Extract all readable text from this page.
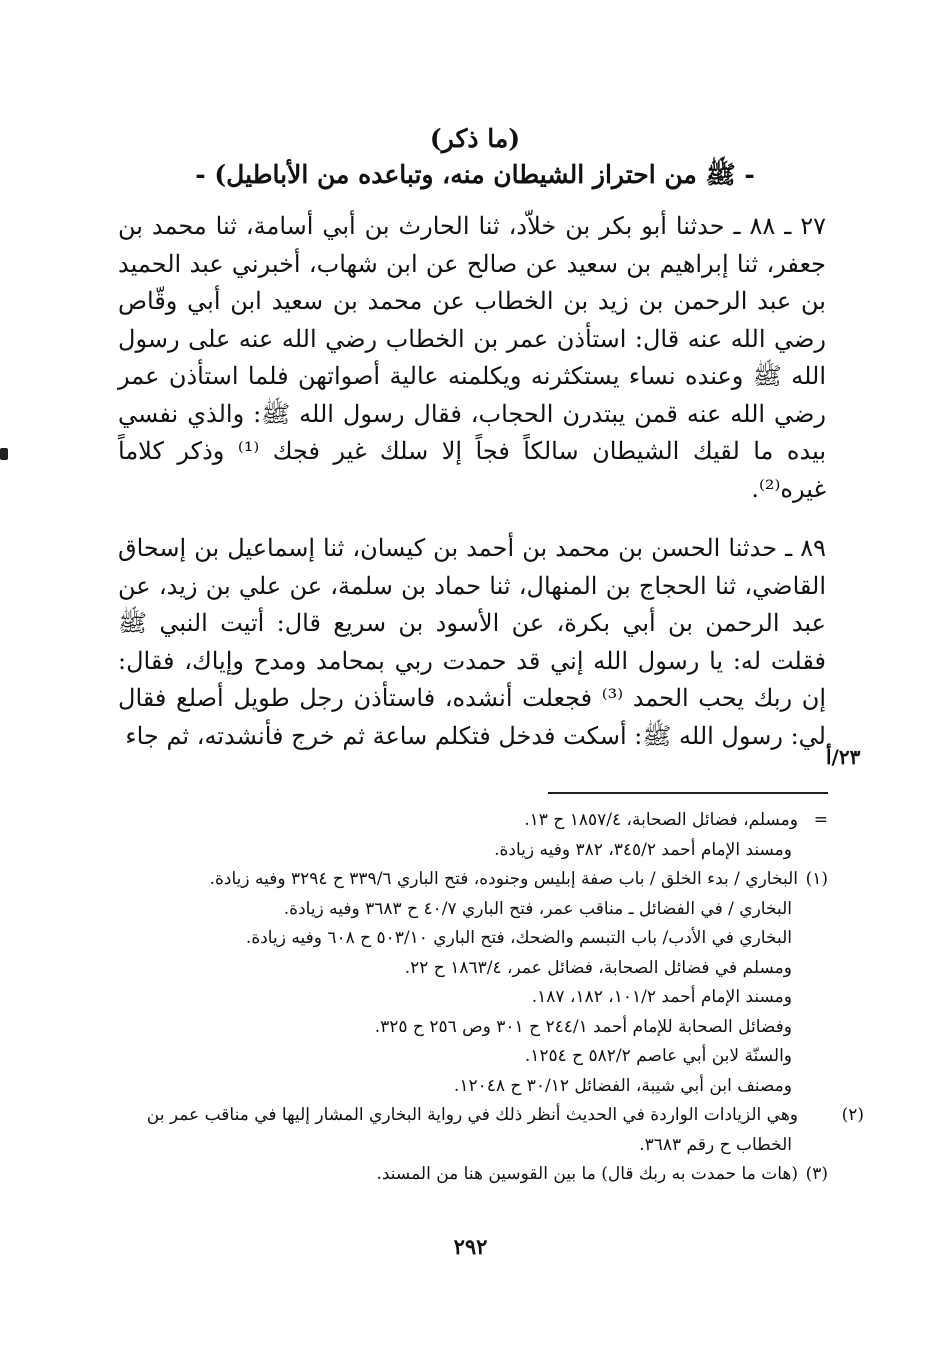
(ما ذكر)
- ﷺ من احتراز الشيطان منه، وتباعده من الأباطيل) -

٢٧ ـ ٨٨ ـ حدثنا أبو بكر بن خلاّد، ثنا الحارث بن أبي أسامة، ثنا محمد بن جعفر، ثنا إبراهيم بن سعيد عن صالح عن ابن شهاب، أخبرني عبد الحميد بن عبد الرحمن بن زيد بن الخطاب عن محمد بن سعيد ابن أبي وقّاص رضي الله عنه قال: استأذن عمر بن الخطاب رضي الله عنه على رسول الله ﷺ وعنده نساء يستكثرنه ويكلمنه عالية أصواتهن فلما استأذن عمر رضي الله عنه قمن يبتدرن الحجاب، فقال رسول الله ﷺ: والذي نفسي بيده ما لقيك الشيطان سالكاً فجاً إلا سلك غير فجك ⁽¹⁾ وذكر كلاماً غيره⁽²⁾.

٨٩ ـ حدثنا الحسن بن محمد بن أحمد بن كيسان، ثنا إسماعيل بن إسحاق القاضي، ثنا الحجاج بن المنهال، ثنا حماد بن سلمة، عن علي بن زيد، عن عبد الرحمن بن أبي بكرة، عن الأسود بن سريع قال: أتيت النبي ﷺ فقلت له: يا رسول الله إني قد حمدت ربي بمحامد ومدح وإياك، فقال: إن ربك يحب الحمد ⁽³⁾ فجعلت أنشده، فاستأذن رجل طويل أصلع فقال لي: رسول الله ﷺ: أسكت فدخل فتكلم ساعة ثم خرج فأنشدته، ثم جاء

٢٣/أ
=ومسلم، فضائل الصحابة، ١٨٥٧/٤ ح ١٣.
ومسند الإمام أحمد ٣٤٥/٢، ٣٨٢ وفيه زيادة.
(١)البخاري / بدء الخلق / باب صفة إبليس وجنوده، فتح الباري ٣٣٩/٦ ح ٣٢٩٤ وفيه زيادة.
البخاري / في الفضائل ـ مناقب عمر، فتح الباري ٤٠/٧ ح ٣٦٨٣ وفيه زيادة.
البخاري في الأدب/ باب التبسم والضحك، فتح الباري ٥٠٣/١٠ ح ٦٠٨ وفيه زيادة.
ومسلم في فضائل الصحابة، فضائل عمر، ١٨٦٣/٤ ح ٢٢.
ومسند الإمام أحمد ١٠١/٢، ١٨٢، ١٨٧.
وفضائل الصحابة للإمام أحمد ٢٤٤/١ ح ٣٠١ وص ٢٥٦ ح ٣٢٥.
والسنّة لابن أبي عاصم ٥٨٢/٢ ح ١٢٥٤.
ومصنف ابن أبي شيبة، الفضائل ٣٠/١٢ ح ١٢٠٤٨.
(٢)وهي الزيادات الواردة في الحديث أنظر ذلك في رواية البخاري المشار إليها في مناقب عمر بن الخطاب ح رقم ٣٦٨٣.
(٣)(هات ما حمدت به ربك قال) ما بين القوسين هنا من المسند.
٢٩٢
